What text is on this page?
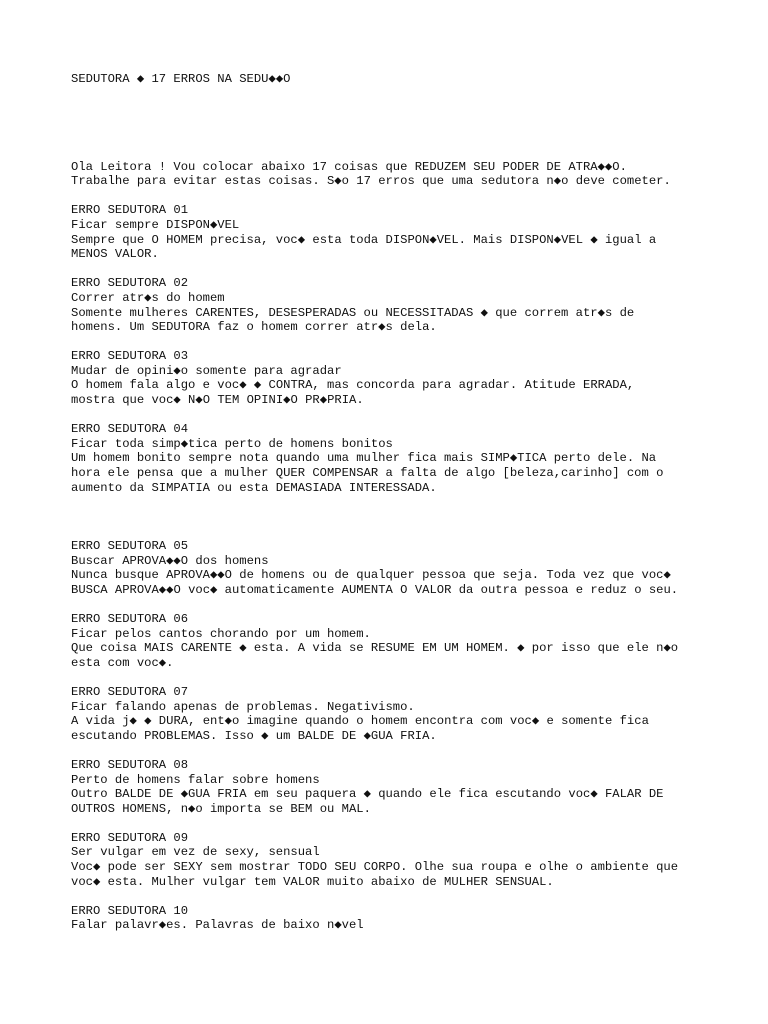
SEDUTORA ◆ 17 ERROS NA SEDU◆◆O
Ola Leitora ! Vou colocar abaixo 17 coisas que REDUZEM SEU PODER DE ATRA◆◆O.
Trabalhe para evitar estas coisas. S◆o 17 erros que uma sedutora n◆o deve cometer.
ERRO SEDUTORA 01
Ficar sempre DISPON◆VEL
Sempre que O HOMEM precisa, voc◆ esta toda DISPON◆VEL. Mais DISPON◆VEL ◆ igual a
MENOS VALOR.
ERRO SEDUTORA 02
Correr atr◆s do homem
Somente mulheres CARENTES, DESESPERADAS ou NECESSITADAS ◆ que correm atr◆s de
homens. Um SEDUTORA faz o homem correr atr◆s dela.
ERRO SEDUTORA 03
Mudar de opini◆o somente para agradar
O homem fala algo e voc◆ ◆ CONTRA, mas concorda para agradar. Atitude ERRADA,
mostra que voc◆ N◆O TEM OPINI◆O PR◆PRIA.
ERRO SEDUTORA 04
Ficar toda simp◆tica perto de homens bonitos
Um homem bonito sempre nota quando uma mulher fica mais SIMP◆TICA perto dele. Na
hora ele pensa que a mulher QUER COMPENSAR a falta de algo [beleza,carinho] com o
aumento da SIMPATIA ou esta DEMASIADA INTERESSADA.
ERRO SEDUTORA 05
Buscar APROVA◆◆O dos homens
Nunca busque APROVA◆◆O de homens ou de qualquer pessoa que seja. Toda vez que voc◆
BUSCA APROVA◆◆O voc◆ automaticamente AUMENTA O VALOR da outra pessoa e reduz o seu.
ERRO SEDUTORA 06
Ficar pelos cantos chorando por um homem.
Que coisa MAIS CARENTE ◆ esta. A vida se RESUME EM UM HOMEM. ◆ por isso que ele n◆o
esta com voc◆.
ERRO SEDUTORA 07
Ficar falando apenas de problemas. Negativismo.
A vida j◆ ◆ DURA, ent◆o imagine quando o homem encontra com voc◆ e somente fica
escutando PROBLEMAS. Isso ◆ um BALDE DE ◆GUA FRIA.
ERRO SEDUTORA 08
Perto de homens falar sobre homens
Outro BALDE DE ◆GUA FRIA em seu paquera ◆ quando ele fica escutando voc◆ FALAR DE
OUTROS HOMENS, n◆o importa se BEM ou MAL.
ERRO SEDUTORA 09
Ser vulgar em vez de sexy, sensual
Voc◆ pode ser SEXY sem mostrar TODO SEU CORPO. Olhe sua roupa e olhe o ambiente que
voc◆ esta. Mulher vulgar tem VALOR muito abaixo de MULHER SENSUAL.
ERRO SEDUTORA 10
Falar palavr◆es. Palavras de baixo n◆vel
